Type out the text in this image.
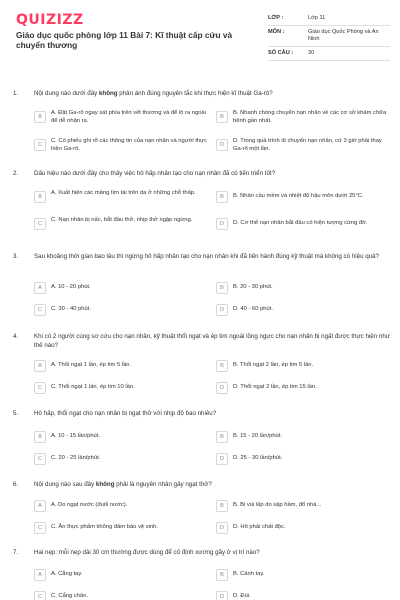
QUIZIZZ
Giáo dục quốc phòng lớp 11 Bài 7: Kĩ thuật cấp cứu và chuyển thương
LỚP :	Lớp 11
MÔN :	Giáo dục Quốc Phòng và An Ninh
SỐ CÂU :	30
1.	Nội dung nào dưới đây không phản ánh đúng nguyên tắc khi thực hiện kĩ thuật Ga-rô?
A
A. Đặt Ga-rô ngay sát phía trên vết thương và để lộ ra ngoài để dễ nhận ra.
B
B. Nhanh chóng chuyển nạn nhân về các cơ sở khám chữa bệnh gần nhất.
C
C. Có phiếu ghi rõ các thông tin của nạn nhân và người thực hiện Ga-rô.
D
D. Trong quá trình di chuyển nạn nhân, cứ 3 giờ phải thay Ga-rô một lần.
2.	Dấu hiệu nào dưới đây cho thấy việc hô hấp nhân tạo cho nạn nhân đã có tiến triển tốt?
A
A. Xuất hiện các mảng tím tái trên da ở những chỗ thấp.
B	B. Nhân cầu mềm và nhiệt độ hậu môn dưới 25°C.
C
C. Nạn nhân bị nấc, bắt đầu thở, nhịp thở ngập ngừng.
D	D. Cơ thể nạn nhân bắt đầu có hiện tượng cứng đờ.
3.	Sau khoảng thời gian bao lâu thì ngừng hô hấp nhân tạo cho nạn nhân khi đã tiến hành đúng kỹ thuật mà không có hiệu quả?
A	A. 10 - 20 phút.	B	B. 20 - 30 phút.
C	C. 30 - 40 phút.	D	D. 40 - 60 phút.
4.	Khi có 2 người cùng sơ cứu cho nạn nhân, kỹ thuật thổi ngạt và ép tim ngoài lồng ngực cho nạn nhân bị ngất được thực hiện như thế nào?
A	A. Thổi ngạt 1 lần, ép tim 5 lần.	B	B. Thổi ngạt 2 lần, ép tim 5 lần.
C	C. Thổi ngạt 1 lần, ép tim 10 lần.	D	D. Thổi ngạt 2 lần, ép tim 15 lần.
5.	Hô hấp, thổi ngạt cho nạn nhân bị ngạt thở với nhịp độ bao nhiêu?
A	A. 10 - 15 lần/phút.	B	B. 15 - 20 lần/phút.
C	C. 20 - 25 lần/phút.	D	D. 25 - 30 lần/phút.
6.	Nội dung nào sau đây không phải là nguyên nhân gây ngạt thở?
A	A. Do ngạt nước (đuối nước).	B	B. Bị vùi lấp do sập hầm, đổ nhà...
C	C. Ăn thực phẩm không đảm bảo vệ sinh.	D	D. Hít phải chất độc.
7.	Hai nẹp: mỗi nẹp dài 30 cm thường được dùng để cố định xương gãy ở vị trí nào?
A	A. Cẳng tay.	B	B. Cánh tay.
C	C. Cẳng chân.	D	D. Đùi.
